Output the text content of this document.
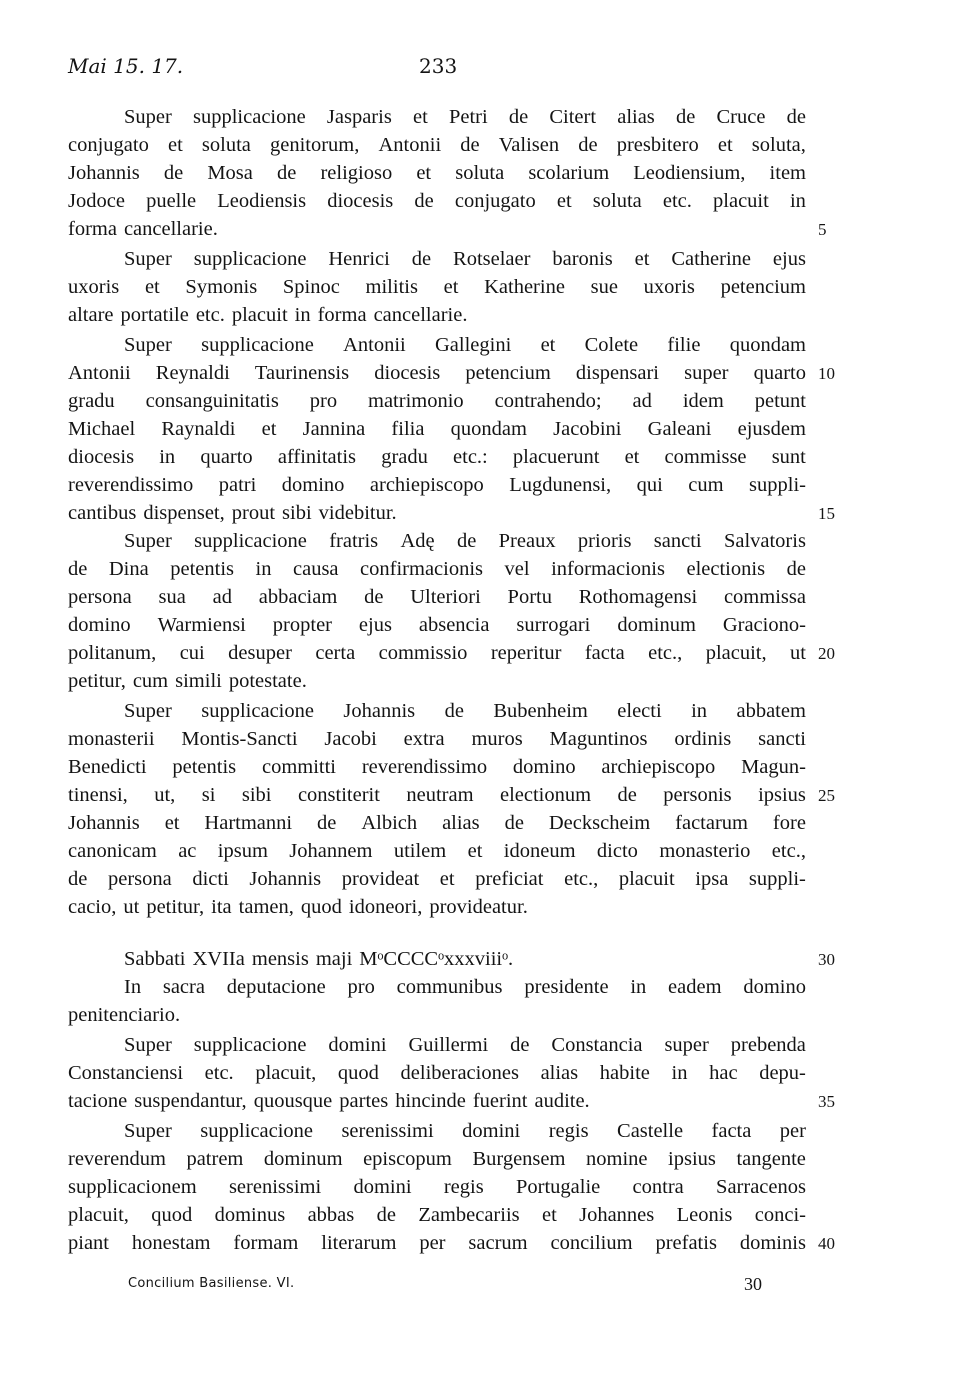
Mai 15. 17.	233
Super supplicacione Jasparis et Petri de Citert alias de Cruce de
conjugato et soluta genitorum, Antonii de Valisen de presbitero et soluta,
Johannis de Mosa de religioso et soluta scolarium Leodiensium, item
Jodoce puelle Leodiensis diocesis de conjugato et soluta etc. placuit in
forma cancellarie.	5
Super supplicacione Henrici de Rotselaer baronis et Catherine ejus
uxoris et Symonis Spinoc militis et Katherine sue uxoris petencium
altare portatile etc. placuit in forma cancellarie.
Super supplicacione Antonii Gallegini et Colete filie quondam
Antonii Reynaldi Taurinensis diocesis petencium dispensari super quarto 10
gradu consanguinitatis pro matrimonio contrahendo; ad idem petunt
Michael Raynaldi et Jannina filia quondam Jacobini Galeani ejusdem
diocesis in quarto affinitatis gradu etc.: placuerunt et commisse sunt
reverendissimo patri domino archiepiscopo Lugdunensi, qui cum suppli-
cantibus dispenset, prout sibi videbitur.	15
Super supplicacione fratris Adę de Preaux prioris sancti Salvatoris
de Dina petentis in causa confirmacionis vel informacionis electionis de
persona sua ad abbaciam de Ulteriori Portu Rothomagensi commissa
domino Warmiensi propter ejus absencia surrogari dominum Graciono-
politanum, cui desuper certa commissio reperitur facta etc., placuit, ut 20
petitur, cum simili potestate.
Super supplicacione Johannis de Bubenheim electi in abbatem
monasterii Montis-Sancti Jacobi extra muros Maguntinos ordinis sancti
Benedicti petentis committi reverendissimo domino archiepiscopo Magun-
tinensi, ut, si sibi constiterit neutram electionum de personis ipsius 25
Johannis et Hartmanni de Albich alias de Deckscheim factarum fore
canonicam ac ipsum Johannem utilem et idoneum dicto monasterio etc.,
de persona dicti Johannis provideat et preficiat etc., placuit ipsa suppli-
cacio, ut petitur, ita tamen, quod idoneori, provideatur.
Sabbati XVIIa mensis maji MᵒCCCCᵒxxxviiiᵒ.	30
In sacra deputacione pro communibus presidente in eadem domino
penitenciario.
Super supplicacione domini Guillermi de Constancia super prebenda
Constanciensi etc. placuit, quod deliberaciones alias habite in hac depu-
tacione suspendantur, quousque partes hincinde fuerint audite.	35
Super supplicacione serenissimi domini regis Castelle facta per
reverendum patrem dominum episcopum Burgensem nomine ipsius tangente
supplicacionem serenissimi domini regis Portugalie contra Sarracenos
placuit, quod dominus abbas de Zambecariis et Johannes Leonis conci-
piant honestam formam literarum per sacrum concilium prefatis dominis 40
Concilium Basiliense. VI.	30
